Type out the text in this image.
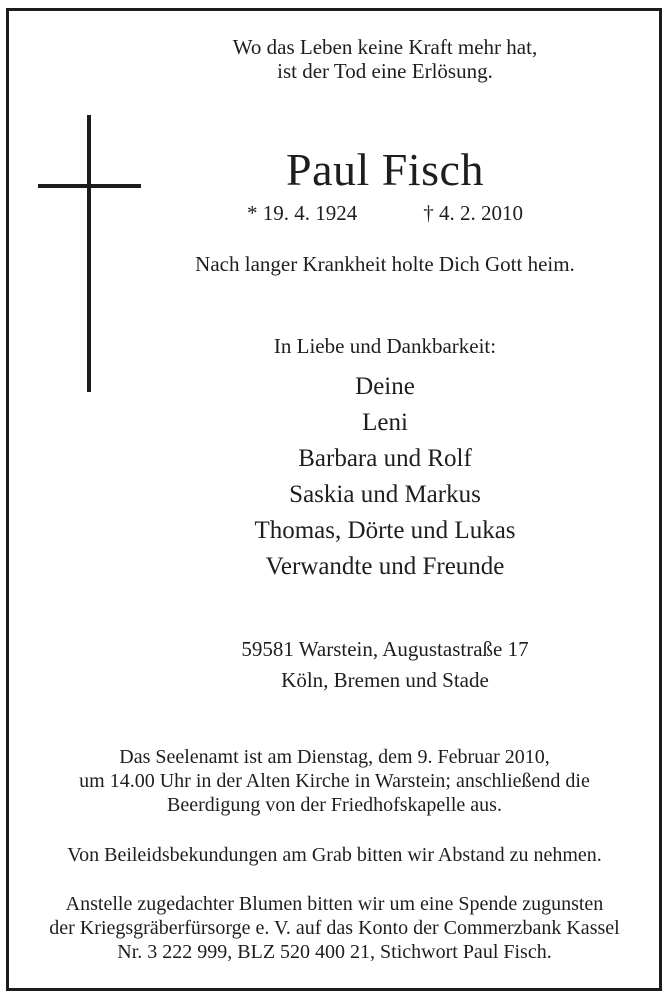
Wo das Leben keine Kraft mehr hat,
ist der Tod eine Erlösung.
Paul Fisch
* 19. 4. 1924	† 4. 2. 2010
Nach langer Krankheit holte Dich Gott heim.
In Liebe und Dankbarkeit:
Deine
Leni
Barbara und Rolf
Saskia und Markus
Thomas, Dörte und Lukas
Verwandte und Freunde
59581 Warstein, Augustastraße 17
Köln, Bremen und Stade
Das Seelenamt ist am Dienstag, dem 9. Februar 2010,
um 14.00 Uhr in der Alten Kirche in Warstein; anschließend die
Beerdigung von der Friedhofskapelle aus.
Von Beileidsbekundungen am Grab bitten wir Abstand zu nehmen.
Anstelle zugedachter Blumen bitten wir um eine Spende zugunsten
der Kriegsgräberfürsorge e. V. auf das Konto der Commerzbank Kassel
Nr. 3 222 999, BLZ 520 400 21, Stichwort Paul Fisch.
